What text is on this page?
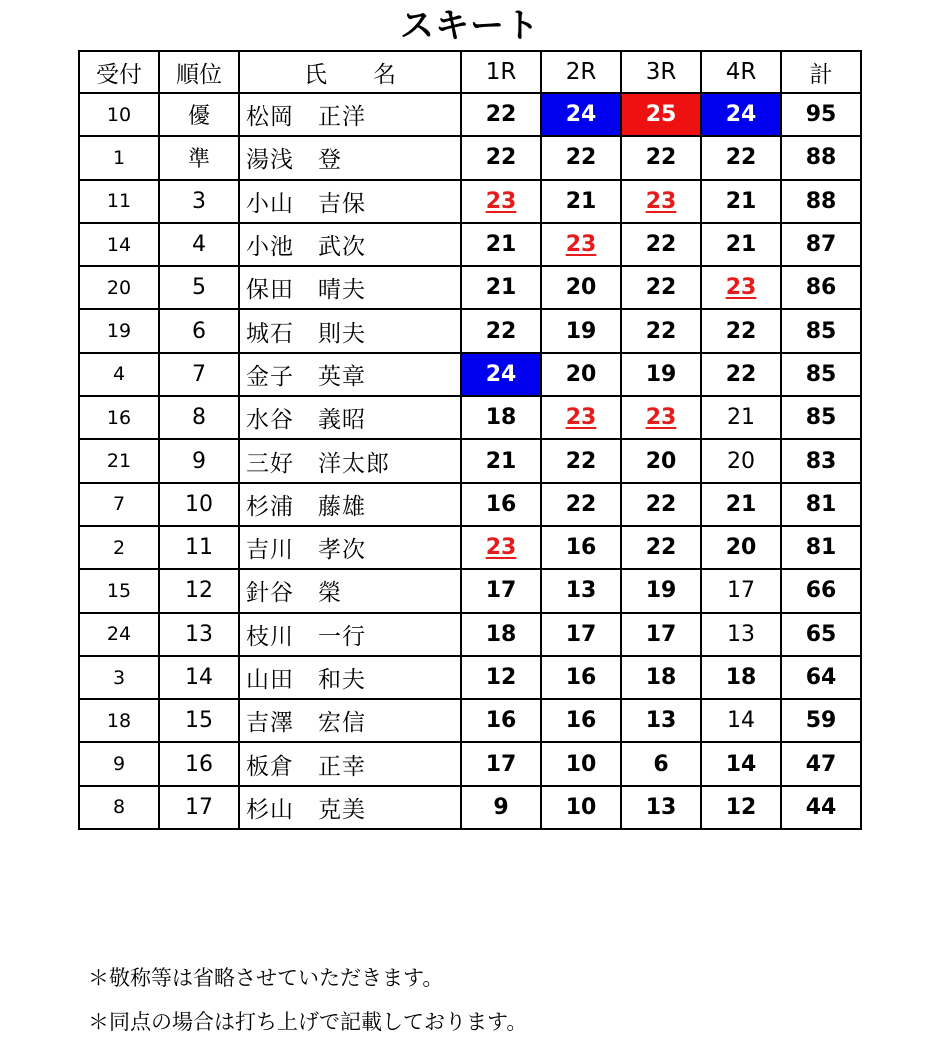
スキート
受付	順位	氏　　名	1R	2R	3R	4R	計
10	優	松岡　正洋	22	24	25	24	95
1	準	湯浅　登	22	22	22	22	88
11	3	小山　吉保	23	21	23	21	88
14	4	小池　武次	21	23	22	21	87
20	5	保田　晴夫	21	20	22	23	86
19	6	城石　則夫	22	19	22	22	85
4	7	金子　英章	24	20	19	22	85
16	8	水谷　義昭	18	23	23	21	85
21	9	三好　洋太郎	21	22	20	20	83
7	10	杉浦　藤雄	16	22	22	21	81
2	11	吉川　孝次	23	16	22	20	81
15	12	針谷　榮	17	13	19	17	66
24	13	枝川　一行	18	17	17	13	65
3	14	山田　和夫	12	16	18	18	64
18	15	吉澤　宏信	16	16	13	14	59
9	16	板倉　正幸	17	10	6	14	47
8	17	杉山　克美	9	10	13	12	44
＊敬称等は省略させていただきます。
＊同点の場合は打ち上げで記載しております。
